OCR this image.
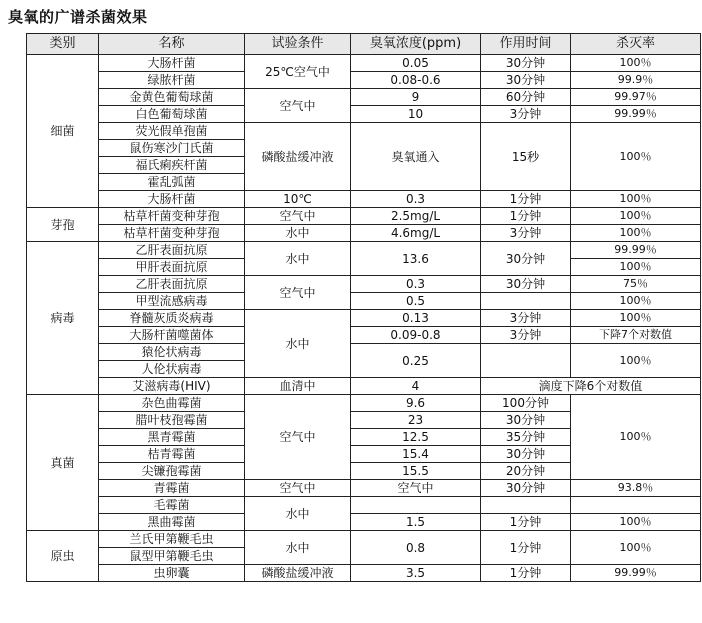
臭氧的广谱杀菌效果
类别	名称	试验条件	臭氧浓度(ppm)	作用时间	杀灭率
细菌	大肠杆菌	25℃空气中	0.05	30分钟	100％
	绿脓杆菌		0.08-0.6	30分钟	99.9％
	金黄色葡萄球菌	空气中	9	60分钟	99.97％
	白色葡萄球菌		10	3分钟	99.99％
	荧光假单孢菌	磷酸盐缓冲液	臭氧通入	15秒	100％
	鼠伤寒沙门氏菌				
	福氏痢疾杆菌				
	霍乱弧菌				
	大肠杆菌	10℃	0.3	1分钟	100％
芽孢	枯草杆菌变种芽孢	空气中	2.5mg/L	1分钟	100％
	枯草杆菌变种芽孢	水中	4.6mg/L	3分钟	100％
病毒	乙肝表面抗原	水中	13.6	30分钟	99.99％
	甲肝表面抗原				100％
	乙肝表面抗原	空气中	0.3	30分钟	75％
	甲型流感病毒		0.5		100％
	脊髓灰质炎病毒	水中	0.13	3分钟	100％
	大肠杆菌噬菌体		0.09-0.8	3分钟	下降7个对数值
	猿伦状病毒		0.25		100％
	人伦状病毒				
	艾滋病毒(HIV)	血清中	4	滴度下降6个对数值	
真菌	杂色曲霉菌	空气中	9.6	100分钟	100％
	腊叶枝孢霉菌		23	30分钟	
	黑青霉菌		12.5	35分钟	
	桔青霉菌		15.4	30分钟	
	尖镰孢霉菌		15.5	20分钟	
	青霉菌	空气中	空气中	30分钟	93.8％
	毛霉菌	水中			
	黑曲霉菌		1.5	1分钟	100％
原虫	兰氏甲第鞭毛虫	水中	0.8	1分钟	100％
	鼠型甲第鞭毛虫				
	虫卵囊	磷酸盐缓冲液	3.5	1分钟	99.99％
